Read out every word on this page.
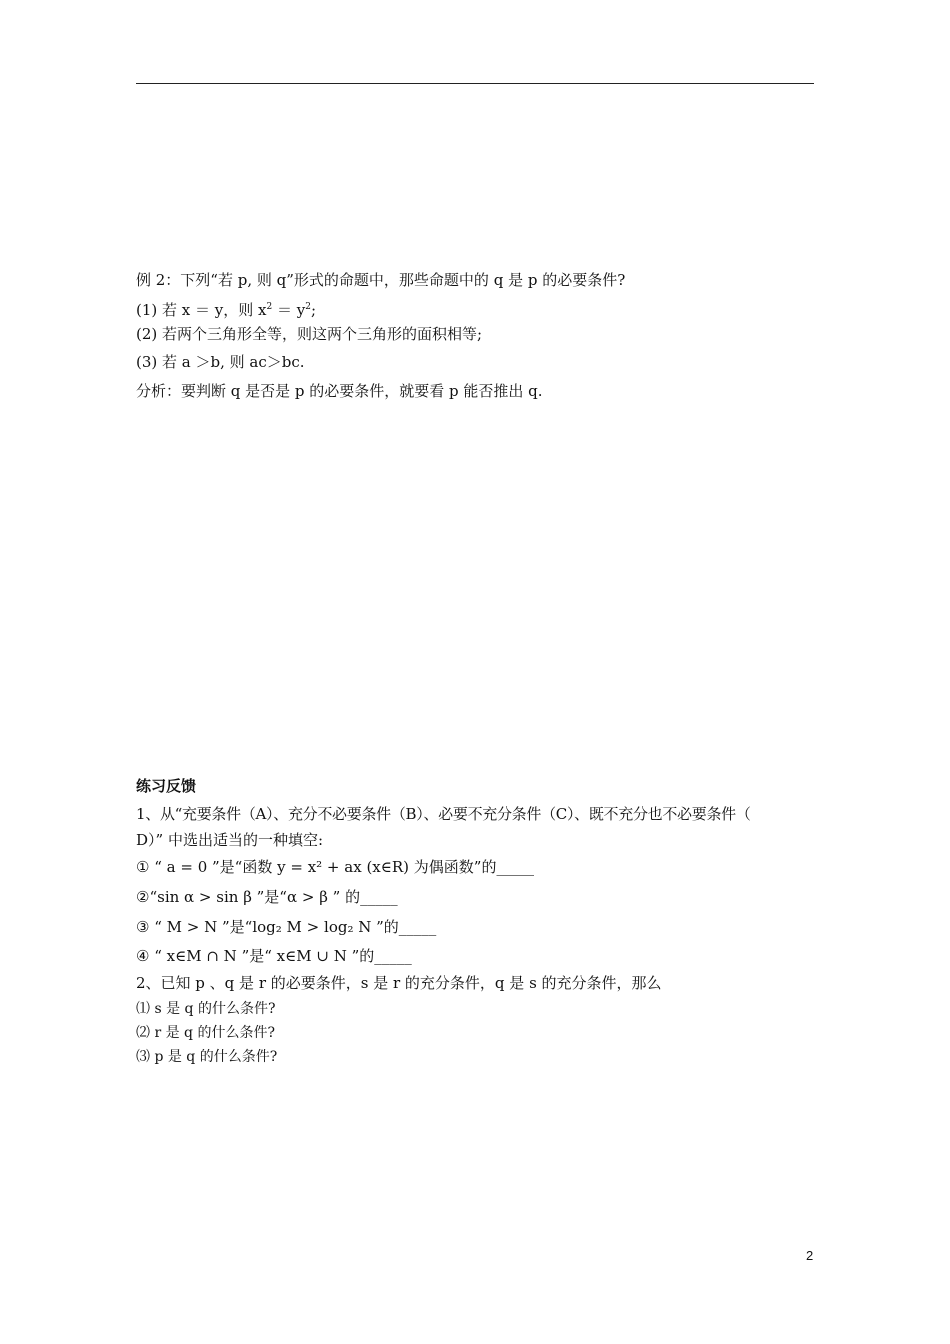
例 2：下列“若 p, 则 q”形式的命题中，那些命题中的 q 是 p 的必要条件?
(1) 若 x ＝ y，则 $x^2 = y^2$;
(2) 若两个三角形全等，则这两个三角形的面积相等;
(3) 若 a ＞b, 则 ac＞bc.
分析：要判断 q 是否是 p 的必要条件，就要看 p 能否推出 q.
练习反馈
1、从“充要条件（A）、充分不必要条件（B）、必要不充分条件（C）、既不充分也不必要条件（
D）” 中选出适当的一种填空:
① “ a = 0 ”是“函数 y = x² + ax (x∈R) 为偶函数”的_____
②“sin α > sin β ”是“α > β ” 的_____
③ “ M > N ”是“log₂ M > log₂ N ”的_____
④ “ x∈M ∩ N ”是“ x∈M ∪ N ”的_____
2、已知 p 、q 是 r 的必要条件，s 是 r 的充分条件，q 是 s 的充分条件，那么
⑴ s 是 q 的什么条件?
⑵ r 是 q 的什么条件?
⑶ p 是 q 的什么条件?
2
